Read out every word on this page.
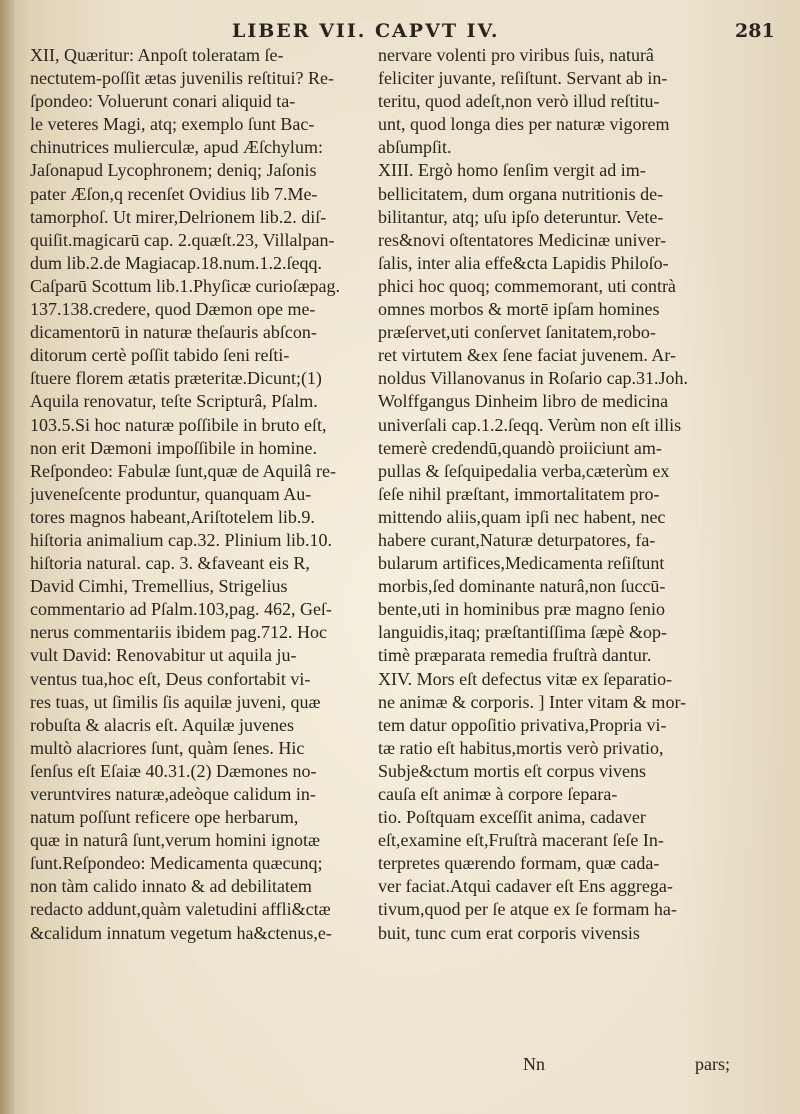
LIBER VII. CAPVT IV.	281
XII, Quæritur: Anpoſt toleratam ſe-
nectutem-poſſit ætas juvenilis reſtitui? Re-
ſpondeo: Voluerunt conari aliquid ta-
le veteres Magi, atq; exemplo ſunt Bac-
chinutrices mulierculæ, apud Æſchylum:
Jaſonapud Lycophronem; deniq; Jaſonis
pater Æſon,q recenſet Ovidius lib 7.Me-
tamorphoſ. Ut mirer,Delrionem lib.2. diſ-
quiſit.magicarū cap. 2.quæſt.23, Villalpan-
dum lib.2.de Magiacap.18.num.1.2.ſeqq.
Caſparū Scottum lib.1.Phyſicæ curioſæpag.
137.138.credere, quod Dæmon ope me-
dicamentorū in naturæ theſauris abſcon-
ditorum certè poſſit tabido ſeni reſti-
ſtuere florem ætatis præteritæ.Dicunt;(1)
Aquila renovatur, teſte Scripturâ, Pſalm.
103.5.Si hoc naturæ poſſibile in bruto eſt,
non erit Dæmoni impoſſibile in homine.
Reſpondeo: Fabulæ ſunt,quæ de Aquilâ re-
juveneſcente produntur, quanquam Au-
tores magnos habeant,Ariſtotelem lib.9.
hiſtoria animalium cap.32. Plinium lib.10.
hiſtoria natural. cap. 3. &faveant eis R,
David Cimhi, Tremellius, Strigelius
commentario ad Pſalm.103,pag. 462, Geſ-
nerus commentariis ibidem pag.712. Hoc
vult David: Renovabitur ut aquila ju-
ventus tua,hoc eſt, Deus confortabit vi-
res tuas, ut ſimilis ſis aquilæ juveni, quæ
robuſta & alacris eſt. Aquilæ juvenes
multò alacriores ſunt, quàm ſenes. Hic
ſenſus eſt Eſaiæ 40.31.(2) Dæmones no-
veruntvires naturæ,adeòque calidum in-
natum poſſunt reficere ope herbarum,
quæ in naturâ ſunt,verum homini ignotæ
ſunt.Reſpondeo: Medicamenta quæcunq;
non tàm calido innato & ad debilitatem
redacto addunt,quàm valetudini affli&ctæ
&calidum innatum vegetum ha&ctenus,e-
nervare volenti pro viribus ſuis, naturâ
feliciter juvante, reſiſtunt. Servant ab in-
teritu, quod adeſt,non verò illud reſtitu-
unt, quod longa dies per naturæ vigorem
abſumpſit.
XIII. Ergò homo ſenſim vergit ad im-
bellicitatem, dum organa nutritionis de-
bilitantur, atq; uſu ipſo deteruntur. Vete-
res&novi oſtentatores Medicinæ univer-
ſalis, inter alia effe&cta Lapidis Philoſo-
phici hoc quoq; commemorant, uti contrà
omnes morbos & mortē ipſam homines
præſervet,uti conſervet ſanitatem,robo-
ret virtutem &ex ſene faciat juvenem. Ar-
noldus Villanovanus in Roſario cap.31.Joh.
Wolffgangus Dinheim libro de medicina
univerſali cap.1.2.ſeqq. Verùm non eſt illis
temerè credendū,quandò proiiciunt am-
pullas & ſeſquipedalia verba,cæterùm ex
ſeſe nihil præſtant, immortalitatem pro-
mittendo aliis,quam ipſi nec habent, nec
habere curant,Naturæ deturpatores, fa-
bularum artifices,Medicamenta reſiſtunt
morbis,ſed dominante naturâ,non ſuccū-
bente,uti in hominibus præ magno ſenio
languidis,itaq; præſtantiſſima ſæpè &op-
timè præparata remedia fruſtrà dantur.
XIV. Mors eſt defectus vitæ ex ſeparatio-
ne animæ & corporis. ] Inter vitam & mor-
tem datur oppoſitio privativa,Propria vi-
tæ ratio eſt habitus,mortis verò privatio,
Subje&ctum mortis eſt corpus vivens
cauſa eſt animæ à corpore ſepara-
tio. Poſtquam exceſſit anima, cadaver
eſt,examine eſt,Fruſtrà macerant ſeſe In-
terpretes quærendo formam, quæ cada-
ver faciat.Atqui cadaver eſt Ens aggrega-
tivum,quod per ſe atque ex ſe formam ha-
buit, tunc cum erat corporis vivensis
Nn	pars;
